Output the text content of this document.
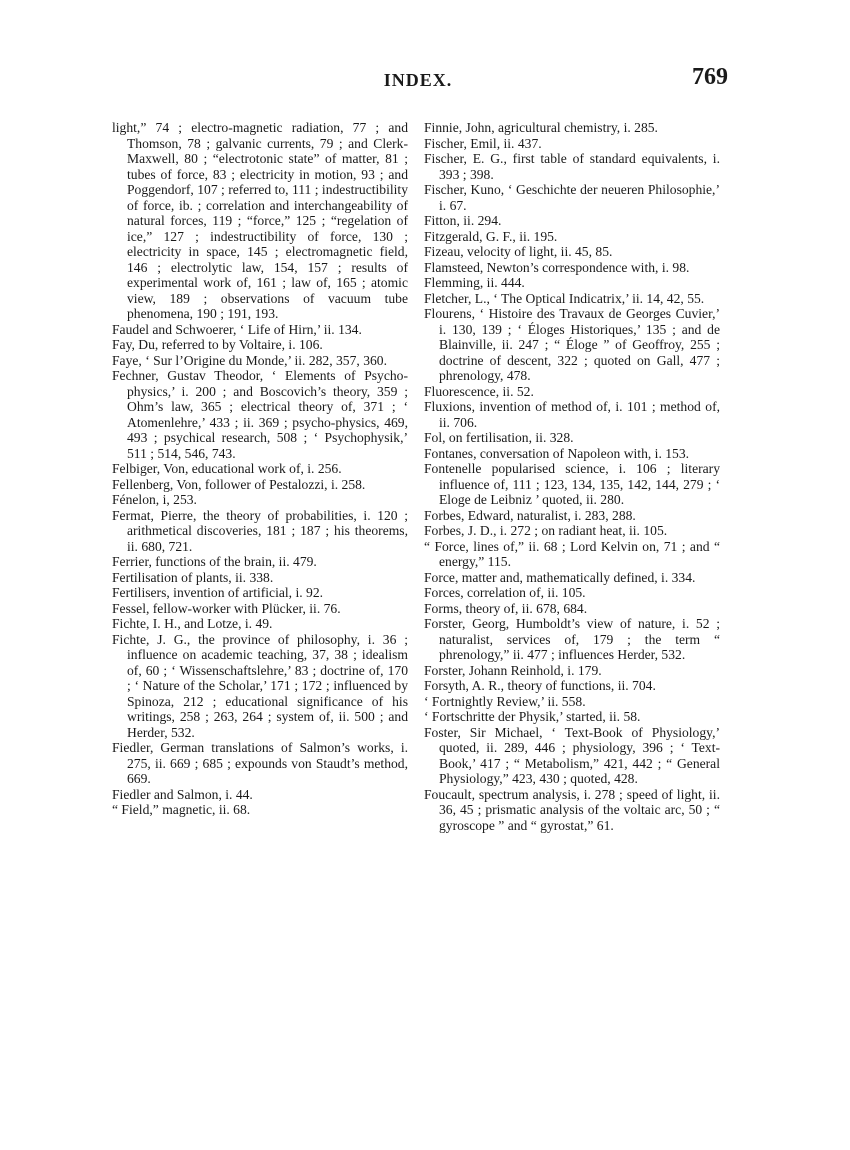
INDEX.	769

light,” 74 ; electro-magnetic radiation, 77 ; and Thomson, 78 ; galvanic currents, 79 ; and Clerk-Maxwell, 80 ; “electrotonic state” of matter, 81 ; tubes of force, 83 ; electricity in motion, 93 ; and Poggendorf, 107 ; referred to, 111 ; indestructibility of force, ib. ; correlation and interchangeability of natural forces, 119 ; “force,” 125 ; “regelation of ice,” 127 ; indestructibility of force, 130 ; electricity in space, 145 ; electromagnetic field, 146 ; electrolytic law, 154, 157 ; results of experimental work of, 161 ; law of, 165 ; atomic view, 189 ; observations of vacuum tube phenomena, 190 ; 191, 193.

Faudel and Schwoerer, ‘ Life of Hirn,’ ii. 134.

Fay, Du, referred to by Voltaire, i. 106.

Faye, ‘ Sur l’Origine du Monde,’ ii. 282, 357, 360.

Fechner, Gustav Theodor, ‘ Elements of Psycho-physics,’ i. 200 ; and Boscovich’s theory, 359 ; Ohm’s law, 365 ; electrical theory of, 371 ; ‘ Atomenlehre,’ 433 ; ii. 369 ; psycho-physics, 469, 493 ; psychical research, 508 ; ‘ Psychophysik,’ 511 ; 514, 546, 743.

Felbiger, Von, educational work of, i. 256.

Fellenberg, Von, follower of Pestalozzi, i. 258.

Fénelon, i, 253.

Fermat, Pierre, the theory of probabilities, i. 120 ; arithmetical discoveries, 181 ; 187 ; his theorems, ii. 680, 721.

Ferrier, functions of the brain, ii. 479.

Fertilisation of plants, ii. 338.

Fertilisers, invention of artificial, i. 92.

Fessel, fellow-worker with Plücker, ii. 76.

Fichte, I. H., and Lotze, i. 49.

Fichte, J. G., the province of philosophy, i. 36 ; influence on academic teaching, 37, 38 ; idealism of, 60 ; ‘ Wissenschaftslehre,’ 83 ; doctrine of, 170 ; ‘ Nature of the Scholar,’ 171 ; 172 ; influenced by Spinoza, 212 ; educational significance of his writings, 258 ; 263, 264 ; system of, ii. 500 ; and Herder, 532.

Fiedler, German translations of Salmon’s works, i. 275, ii. 669 ; 685 ; expounds von Staudt’s method, 669.

Fiedler and Salmon, i. 44.

“ Field,” magnetic, ii. 68.

Finnie, John, agricultural chemistry, i. 285.

Fischer, Emil, ii. 437.

Fischer, E. G., first table of standard equivalents, i. 393 ; 398.

Fischer, Kuno, ‘ Geschichte der neueren Philosophie,’ i. 67.

Fitton, ii. 294.

Fitzgerald, G. F., ii. 195.

Fizeau, velocity of light, ii. 45, 85.

Flamsteed, Newton’s correspondence with, i. 98.

Flemming, ii. 444.

Fletcher, L., ‘ The Optical Indicatrix,’ ii. 14, 42, 55.

Flourens, ‘ Histoire des Travaux de Georges Cuvier,’ i. 130, 139 ; ‘ Éloges Historiques,’ 135 ; and de Blainville, ii. 247 ; “ Éloge ” of Geoffroy, 255 ; doctrine of descent, 322 ; quoted on Gall, 477 ; phrenology, 478.

Fluorescence, ii. 52.

Fluxions, invention of method of, i. 101 ; method of, ii. 706.

Fol, on fertilisation, ii. 328.

Fontanes, conversation of Napoleon with, i. 153.

Fontenelle popularised science, i. 106 ; literary influence of, 111 ; 123, 134, 135, 142, 144, 279 ; ‘ Eloge de Leibniz ’ quoted, ii. 280.

Forbes, Edward, naturalist, i. 283, 288.

Forbes, J. D., i. 272 ; on radiant heat, ii. 105.

“ Force, lines of,” ii. 68 ; Lord Kelvin on, 71 ; and “ energy,” 115.

Force, matter and, mathematically defined, i. 334.

Forces, correlation of, ii. 105.

Forms, theory of, ii. 678, 684.

Forster, Georg, Humboldt’s view of nature, i. 52 ; naturalist, services of, 179 ; the term “ phrenology,” ii. 477 ; influences Herder, 532.

Forster, Johann Reinhold, i. 179.

Forsyth, A. R., theory of functions, ii. 704.

‘ Fortnightly Review,’ ii. 558.

‘ Fortschritte der Physik,’ started, ii. 58.

Foster, Sir Michael, ‘ Text-Book of Physiology,’ quoted, ii. 289, 446 ; physiology, 396 ; ‘ Text-Book,’ 417 ; “ Metabolism,” 421, 442 ; “ General Physiology,” 423, 430 ; quoted, 428.

Foucault, spectrum analysis, i. 278 ; speed of light, ii. 36, 45 ; prismatic analysis of the voltaic arc, 50 ; “ gyroscope ” and “ gyrostat,” 61.
